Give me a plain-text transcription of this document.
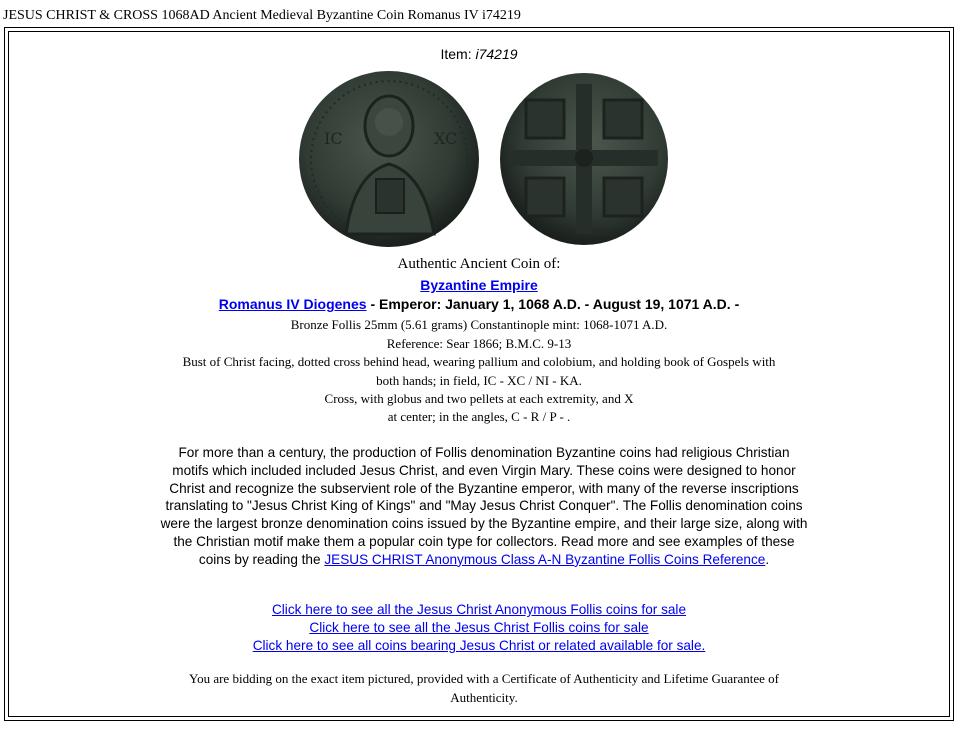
JESUS CHRIST & CROSS 1068AD Ancient Medieval Byzantine Coin Romanus IV i74219
Item: i74219
IC	XC
Authentic Ancient Coin of:
Byzantine Empire
Romanus IV Diogenes - Emperor: January 1, 1068 A.D. - August 19, 1071 A.D. -
Bronze Follis 25mm (5.61 grams) Constantinople mint: 1068-1071 A.D.
Reference: Sear 1866; B.M.C. 9-13
Bust of Christ facing, dotted cross behind head, wearing pallium and colobium, and holding book of Gospels with
both hands; in field, IC - XC / NI - KA.
Cross, with globus and two pellets at each extremity, and X
at center; in the angles, C - R / P - .
For more than a century, the production of Follis denomination Byzantine coins had religious Christian motifs which included included Jesus Christ, and even Virgin Mary. These coins were designed to honor Christ and recognize the subservient role of the Byzantine emperor, with many of the reverse inscriptions translating to "Jesus Christ King of Kings" and "May Jesus Christ Conquer". The Follis denomination coins were the largest bronze denomination coins issued by the Byzantine empire, and their large size, along with the Christian motif make them a popular coin type for collectors. Read more and see examples of these coins by reading the JESUS CHRIST Anonymous Class A-N Byzantine Follis Coins Reference.
Click here to see all the Jesus Christ Anonymous Follis coins for sale
Click here to see all the Jesus Christ Follis coins for sale
Click here to see all coins bearing Jesus Christ or related available for sale.
You are bidding on the exact item pictured, provided with a Certificate of Authenticity and Lifetime Guarantee of Authenticity.
